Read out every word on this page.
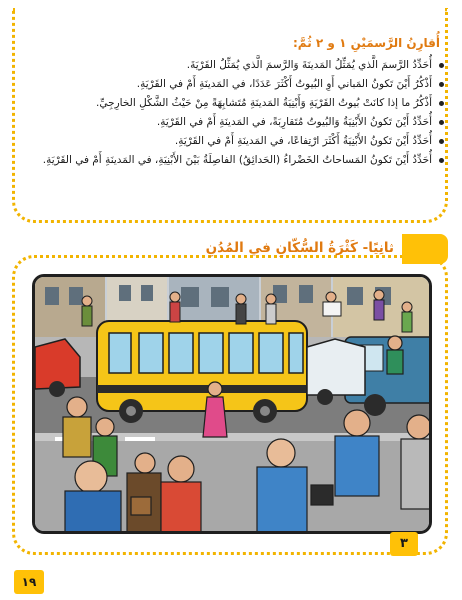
أُقارِنُ الرَّسمَيْنِ ١ و ٢ ثُمَّ:
أُحَدِّدُ الرَّسمَ الَّذي يُمَثِّلُ المَدينَةَ وَالرَّسمَ الَّذي يُمَثِّلُ القَرْيَةَ.
أَذْكُرُ أَيْنَ تَكونُ المَباني أَوِ البُيوتُ أَكْثَرَ عَدَدًا، في المَدينَةِ أَمْ في القَرْيَةِ.
أَذْكُرُ ما إذا كانَتْ بُيوتُ القَرْيَةِ وَأَبْنِيَةُ المَدينَةِ مُتَشابِهَةً مِنْ حَيْثُ الشَّكْلِ الخارِجِيِّ.
أُحَدِّدُ أَيْنَ تَكونُ الأَبْنِيَةُ وَالبُيوتُ مُتَقارِبَةً، في المَدينَةِ أَمْ في القَرْيَةِ.
أُحَدِّدُ أَيْنَ تَكونُ الأَبْنِيَةُ أَكْثَرَ ارْتِفاعًا، في المَدينَةِ أَمْ في القَرْيَةِ.
أُحَدِّدُ أَيْنَ تَكونُ المَساحاتُ الخَضْراءُ (الحَدائِقُ) الفاصِلَةُ بَيْنَ الأَبْنِيَةِ، في المَدينَةِ أَمْ في القَرْيَةِ.
ثانِيًا- كَثْرَةُ السُّكّانِ في المُدُنِ
٣
١٩
